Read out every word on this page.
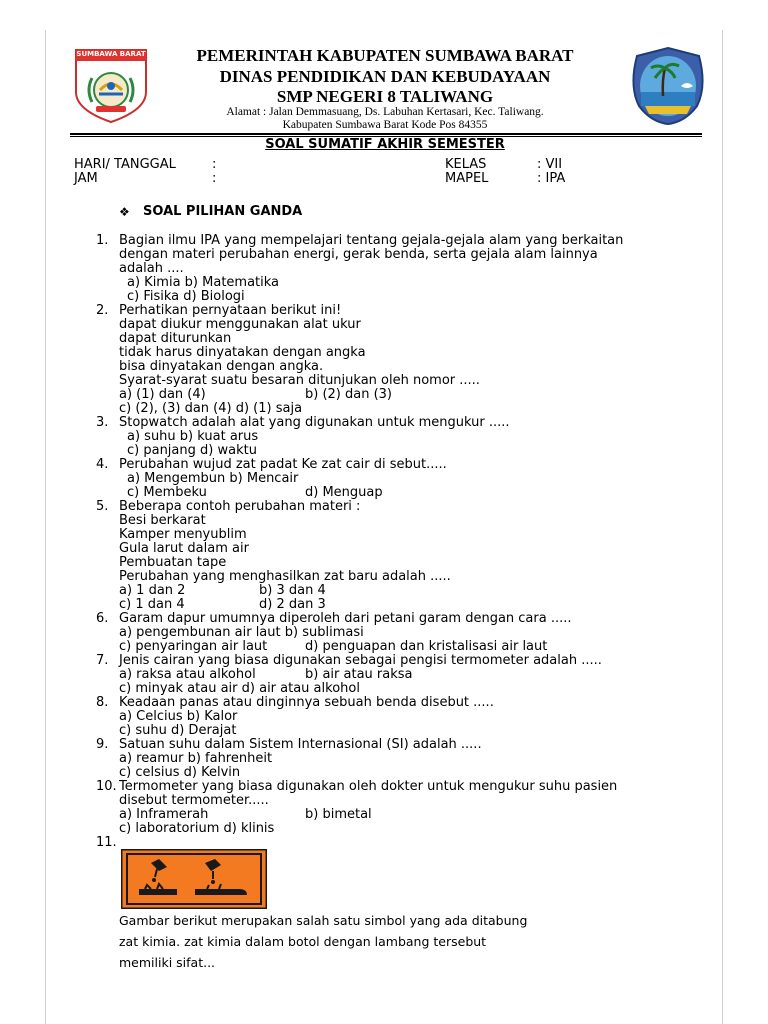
SUMBAWA BARAT	PEMERINTAH KABUPATEN SUMBAWA BARAT
DINAS PENDIDIKAN DAN KEBUDAYAAN
SMP NEGERI 8 TALIWANG
Alamat : Jalan Demmasuang, Ds. Labuhan Kertasari, Kec. Taliwang.
Kabupaten Sumbawa Barat Kode Pos 84355
SOAL SUMATIF AKHIR SEMESTER
HARI/ TANGGAL	:
JAM	:
KELAS	: VII
MAPEL	: IPA
❖ SOAL PILIHAN GANDA
1. Bagian ilmu IPA yang mempelajari tentang gejala-gejala alam yang berkaitan
dengan materi perubahan energi, gerak benda, serta gejala alam lainnya
adalah ....
a) Kimia b) Matematika
c) Fisika d) Biologi
2.
dapat diukur menggunakan alat ukur
dapat diturunkan
tidak harus dinyatakan dengan angka
bisa dinyatakan dengan angka.
Syarat-syarat suatu besaran ditunjukan oleh nomor .....
a) (1) dan (4)
c) (2), (3) dan (4) d) (1) saja
3.
a) suhu b) kuat arus
c) panjang d) waktu
4.
a) Mengembun b) Mencair
c) Membeku
5.
Besi berkarat
Kamper menyublim
Gula larut dalam air
Pembuatan tape
Perubahan yang menghasilkan zat baru adalah .....
a) 1 dan 2
c) 1 dan 4
6.
a) pengembunan air laut b) sublimasi
c) penyaringan air laut
7.
a) raksa atau alkohol
c) minyak atau air d) air atau alkohol
8.
a) Celcius b) Kalor
c) suhu d) Derajat
9.
a) reamur b) fahrenheit
c) celsius d) Kelvin
10.
disebut termometer.....
a) Inframerah
c) laboratorium d) klinis
11.
Perhatikan pernyataan berikut ini!
b) (2) dan (3)
Stopwatch adalah alat yang digunakan untuk mengukur .....
Perubahan wujud zat padat Ke zat cair di sebut.....
d) Menguap
Beberapa contoh perubahan materi :
b) 3 dan 4
d) 2 dan 3
Garam dapur umumnya diperoleh dari petani garam dengan cara .....
d) penguapan dan kristalisasi air laut
Jenis cairan yang biasa digunakan sebagai pengisi termometer adalah .....
b) air atau raksa
Keadaan panas atau dinginnya sebuah benda disebut .....
Satuan suhu dalam Sistem Internasional (SI) adalah .....
Termometer yang biasa digunakan oleh dokter untuk mengukur suhu pasien
b) bimetal
Gambar berikut merupakan salah satu simbol yang ada ditabung
zat kimia. zat kimia dalam botol dengan lambang tersebut
memiliki sifat...
